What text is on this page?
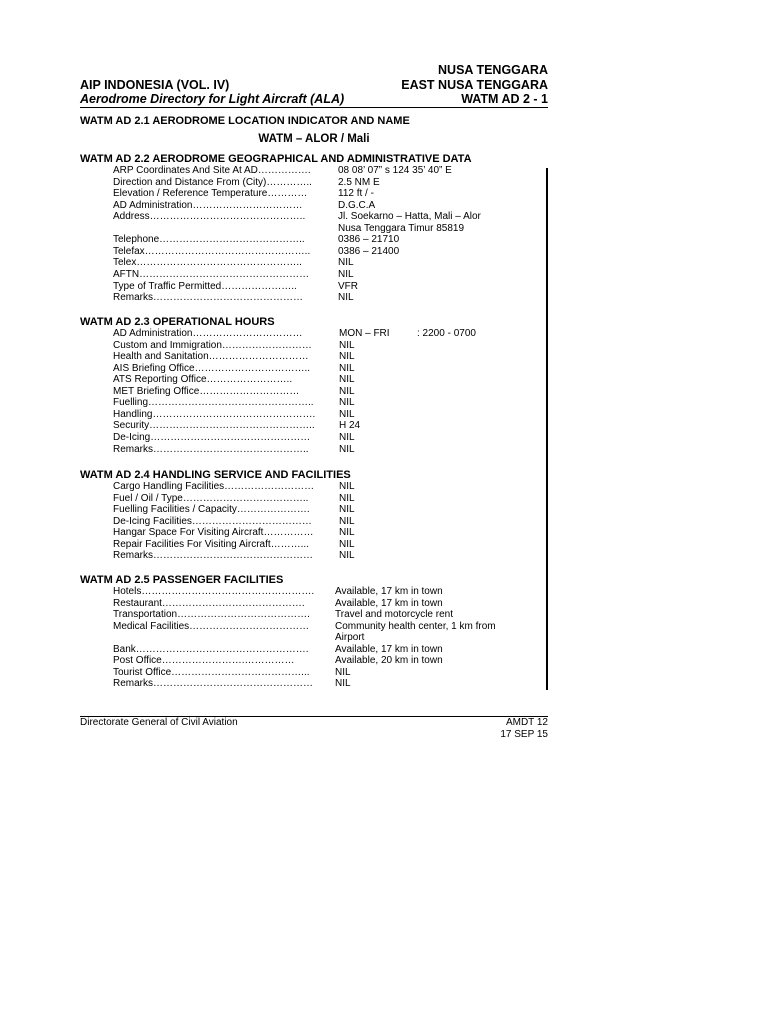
NUSA TENGGARA
AIP INDONESIA (VOL. IV)
Aerodrome Directory for Light Aircraft (ALA)
EAST NUSA TENGGARA
WATM AD 2 - 1
WATM AD 2.1 AERODROME LOCATION INDICATOR AND NAME
WATM – ALOR / Mali
WATM AD 2.2 AERODROME GEOGRAPHICAL AND ADMINISTRATIVE DATA
ARP Coordinates And Site At AD…………….	08 08’ 07” s 124 35’ 40” E
Direction and Distance From (City)…………..	2.5 NM E
Elevation / Reference Temperature…………	112 ft / -
AD Administration……………………………	D.G.C.A
Address………………………………………..	Jl. Soekarno – Hatta, Mali – Alor
Nusa Tenggara Timur 85819
Telephone……………………………………..	0386 – 21710
Telefax…………………………………………..	0386 – 21400
Telex…………………………………………..	NIL
AFTN……………………………………………	NIL
Type of Traffic Permitted…………………..	VFR
Remarks………………………………………	NIL
WATM AD 2.3 OPERATIONAL HOURS
AD Administration……………………………	MON – FRI	: 2200 - 0700
Custom and Immigration………………………	NIL
Health and Sanitation…………………………	NIL
AIS Briefing Office……………………………..	NIL
ATS Reporting Office……………………..	NIL
MET Briefing Office…………………………	NIL
Fuelling…………………………………………..	NIL
Handling…………………………………………. NIL
Security………………………………………….. H 24
De-Icing…………………………………………	NIL
Remarks………………………………………..	NIL
WATM AD 2.4 HANDLING SERVICE AND FACILITIES
Cargo Handling Facilities……………………… NIL
Fuel / Oil / Type………………………………..	NIL
Fuelling Facilities / Capacity………………….	NIL
De-Icing Facilities………………………………	NIL
Hangar Space For Visiting Aircraft……………	NIL
Repair Facilities For Visiting Aircraft………...	NIL
Remarks…………………………………………	NIL
WATM AD 2.5 PASSENGER FACILITIES
Hotels……………………………………………. Available, 17 km in town
Restaurant…………………………………….	Available, 17 km in town
Transportation………………………………….	Travel and motorcycle rent
Medical Facilities………………………………	Community health center, 1 km from
Airport
Bank…………………………………………….	Available, 17 km in town
Post Office…………………….……………	Available, 20 km in town
Tourist Office…………………………………...	NIL
Remarks………………………………………… NIL
Directorate General of Civil Aviation	AMDT 12
17 SEP 15
